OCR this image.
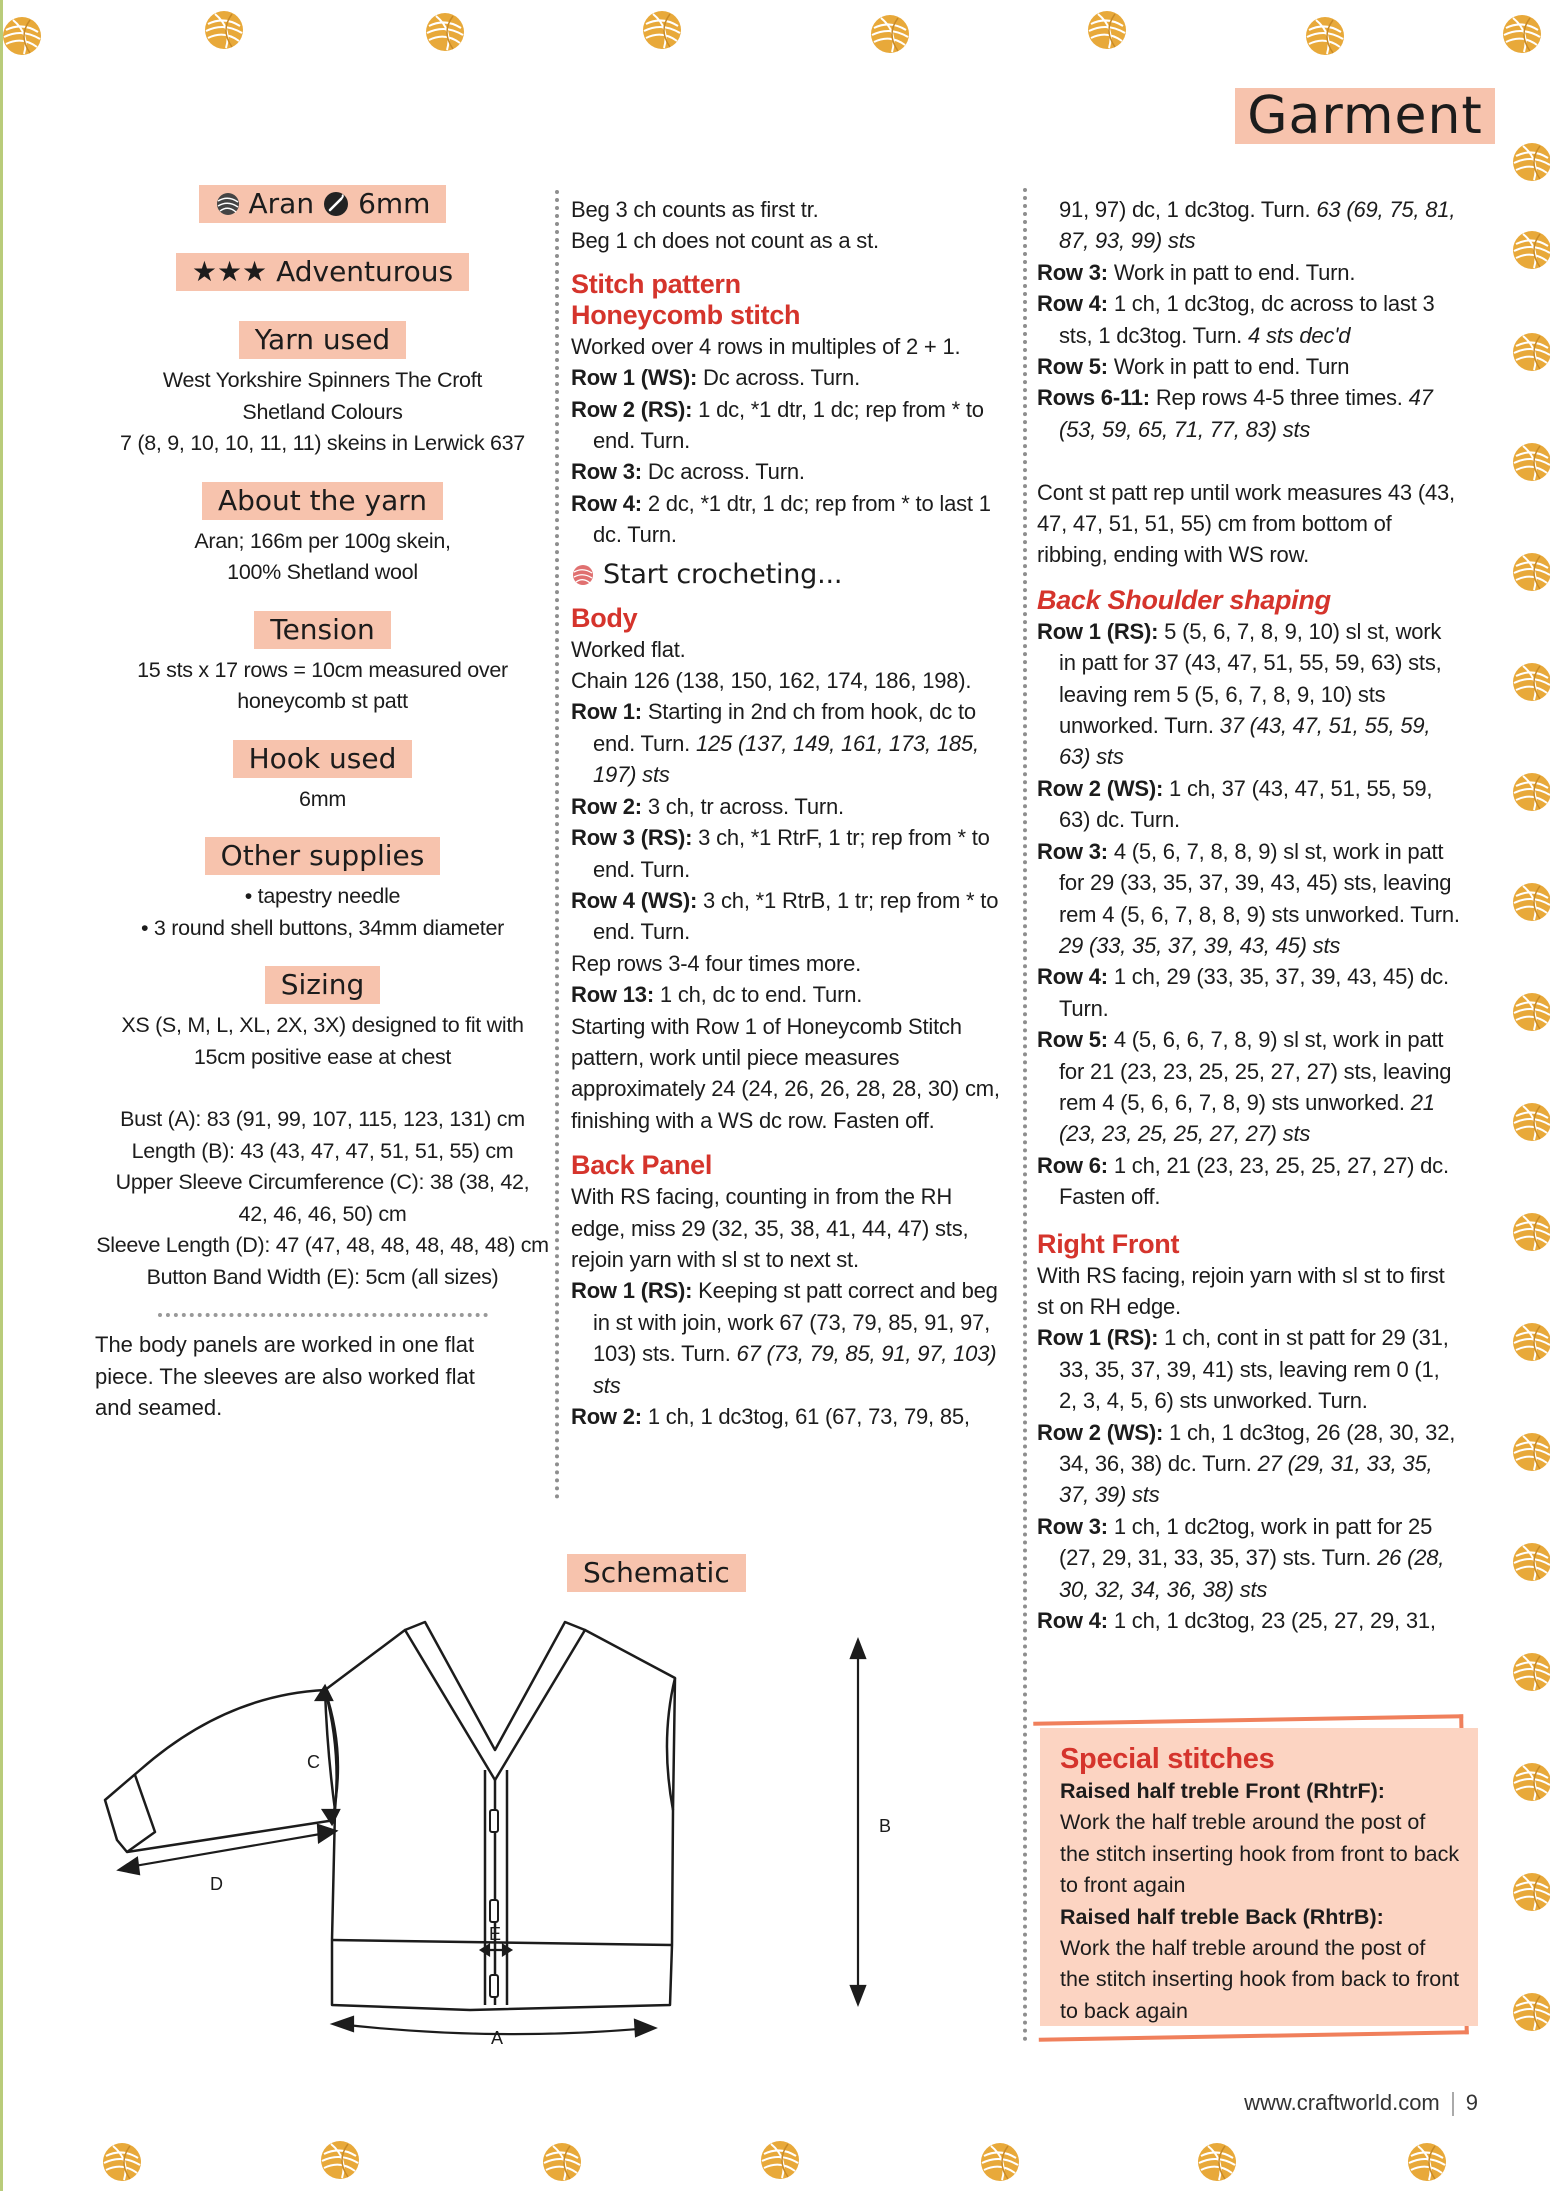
Garment
Aran 6mm
★★★ Adventurous
Yarn used
West Yorkshire Spinners The Croft
Shetland Colours
7 (8, 9, 10, 10, 11, 11) skeins in Lerwick 637
About the yarn
Aran; 166m per 100g skein,
100% Shetland wool
Tension
15 sts x 17 rows = 10cm measured over
honeycomb st patt
Hook used
6mm
Other supplies
• tapestry needle
• 3 round shell buttons, 34mm diameter
Sizing
XS (S, M, L, XL, 2X, 3X) designed to fit with
15cm positive ease at chest
Bust (A): 83 (91, 99, 107, 115, 123, 131) cm
Length (B): 43 (43, 47, 47, 51, 51, 55) cm
Upper Sleeve Circumference (C): 38 (38, 42,
42, 46, 46, 50) cm
Sleeve Length (D): 47 (47, 48, 48, 48, 48, 48) cm
Button Band Width (E): 5cm (all sizes)
The body panels are worked in one flat piece. The sleeves are also worked flat and seamed.

Beg 3 ch counts as first tr.

Beg 1 ch does not count as a st.

Stitch pattern
Honeycomb stitch

Worked over 4 rows in multiples of 2 + 1.

Row 1 (WS): Dc across. Turn.

Row 2 (RS): 1 dc, *1 dtr, 1 dc; rep from * to end. Turn.

Row 3: Dc across. Turn.

Row 4: 2 dc, *1 dtr, 1 dc; rep from * to last 1 dc. Turn.

Start crocheting...
Body

Worked flat.

Chain 126 (138, 150, 162, 174, 186, 198).

Row 1: Starting in 2nd ch from hook, dc to end. Turn. 125 (137, 149, 161, 173, 185, 197) sts

Row 2: 3 ch, tr across. Turn.

Row 3 (RS): 3 ch, *1 RtrF, 1 tr; rep from * to end. Turn.

Row 4 (WS): 3 ch, *1 RtrB, 1 tr; rep from * to end. Turn.

Rep rows 3-4 four times more.

Row 13: 1 ch, dc to end. Turn.

Starting with Row 1 of Honeycomb Stitch pattern, work until piece measures approximately 24 (24, 26, 26, 28, 28, 30) cm, finishing with a WS dc row. Fasten off.

Back Panel

With RS facing, counting in from the RH edge, miss 29 (32, 35, 38, 41, 44, 47) sts, rejoin yarn with sl st to next st.

Row 1 (RS): Keeping st patt correct and beg in st with join, work 67 (73, 79, 85, 91, 97, 103) sts. Turn. 67 (73, 79, 85, 91, 97, 103) sts

Row 2: 1 ch, 1 dc3tog, 61 (67, 73, 79, 85,

91, 97) dc, 1 dc3tog. Turn. 63 (69, 75, 81, 87, 93, 99) sts

Row 3: Work in patt to end. Turn.

Row 4: 1 ch, 1 dc3tog, dc across to last 3 sts, 1 dc3tog. Turn. 4 sts dec'd

Row 5: Work in patt to end. Turn

Rows 6-11: Rep rows 4-5 three times. 47 (53, 59, 65, 71, 77, 83) sts

Cont st patt rep until work measures 43 (43, 47, 47, 51, 51, 55) cm from bottom of ribbing, ending with WS row.

Back Shoulder shaping

Row 1 (RS): 5 (5, 6, 7, 8, 9, 10) sl st, work in patt for 37 (43, 47, 51, 55, 59, 63) sts, leaving rem 5 (5, 6, 7, 8, 9, 10) sts unworked. Turn. 37 (43, 47, 51, 55, 59, 63) sts

Row 2 (WS): 1 ch, 37 (43, 47, 51, 55, 59, 63) dc. Turn.

Row 3: 4 (5, 6, 7, 8, 8, 9) sl st, work in patt for 29 (33, 35, 37, 39, 43, 45) sts, leaving rem 4 (5, 6, 7, 8, 8, 9) sts unworked. Turn. 29 (33, 35, 37, 39, 43, 45) sts

Row 4: 1 ch, 29 (33, 35, 37, 39, 43, 45) dc. Turn.

Row 5: 4 (5, 6, 6, 7, 8, 9) sl st, work in patt for 21 (23, 23, 25, 25, 27, 27) sts, leaving rem 4 (5, 6, 6, 7, 8, 9) sts unworked. 21 (23, 23, 25, 25, 27, 27) sts

Row 6: 1 ch, 21 (23, 23, 25, 25, 27, 27) dc. Fasten off.

Right Front

With RS facing, rejoin yarn with sl st to first st on RH edge.

Row 1 (RS): 1 ch, cont in st patt for 29 (31, 33, 35, 37, 39, 41) sts, leaving rem 0 (1, 2, 3, 4, 5, 6) sts unworked. Turn.

Row 2 (WS): 1 ch, 1 dc3tog, 26 (28, 30, 32, 34, 36, 38) dc. Turn. 27 (29, 31, 33, 35, 37, 39) sts

Row 3: 1 ch, 1 dc2tog, work in patt for 25 (27, 29, 31, 33, 35, 37) sts. Turn. 26 (28, 30, 32, 34, 36, 38) sts

Row 4: 1 ch, 1 dc3tog, 23 (25, 27, 29, 31,

Schematic
B
C
D
E
A
Special stitches
Raised half treble Front (RhtrF):
Work the half treble around the post of the stitch inserting hook from front to back to front again
Raised half treble Back (RhtrB):
Work the half treble around the post of the stitch inserting hook from back to front to back again
www.craftworld.com 9
